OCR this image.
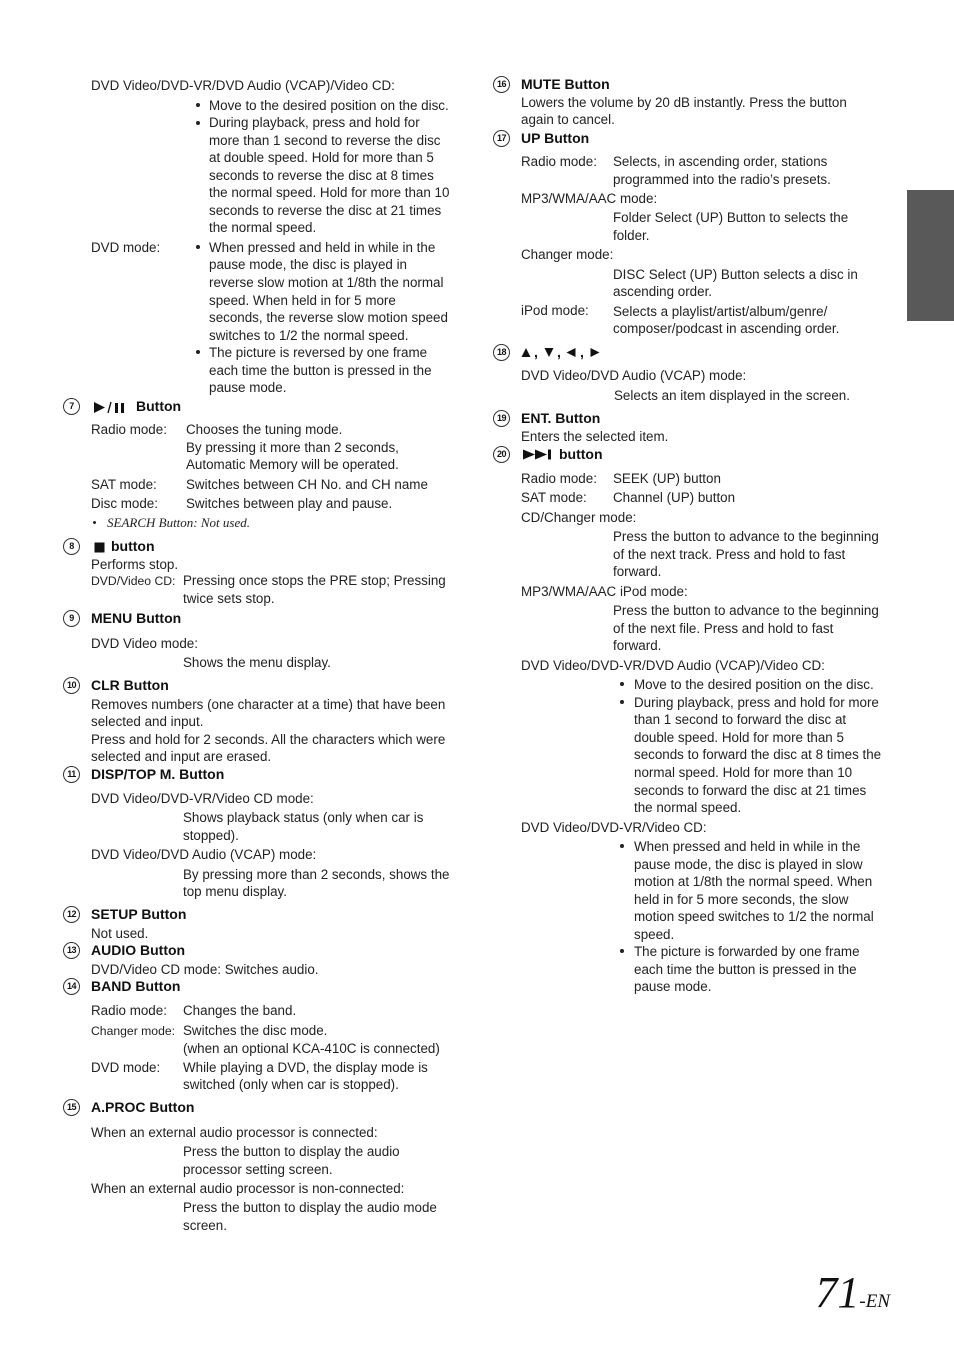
DVD Video/DVD-VR/DVD Audio (VCAP)/Video CD:
Move to the desired position on the disc.
During playback, press and hold for
more than 1 second to reverse the disc
at double speed. Hold for more than 5
seconds to reverse the disc at 8 times
the normal speed. Hold for more than 10
seconds to reverse the disc at 21 times
the normal speed.
DVD mode:	When pressed and held in while in the
pause mode, the disc is played in
reverse slow motion at 1/8th the normal
speed. When held in for 5 more
seconds, the reverse slow motion speed
switches to 1/2 the normal speed.
The picture is reversed by one frame
each time the button is pressed in the
pause mode.
7	Button
Radio mode: Chooses the tuning mode.
By pressing it more than 2 seconds,
Automatic Memory will be operated.
SAT mode: Switches between CH No. and CH name
Disc mode: Switches between play and pause.
SEARCH Button: Not used.
8	button
Performs stop.
DVD/Video CD: Pressing once stops the PRE stop; Pressing
twice sets stop.
9	MENU Button
DVD Video mode:
Shows the menu display.
10 CLR Button
Removes numbers (one character at a time) that have been
selected and input.
Press and hold for 2 seconds. All the characters which were
selected and input are erased.
11	DISP/TOP M. Button
DVD Video/DVD-VR/Video CD mode:
Shows playback status (only when car is
stopped).
DVD Video/DVD Audio (VCAP) mode:
By pressing more than 2 seconds, shows the
top menu display.
12 SETUP Button
Not used.
13 AUDIO Button
DVD/Video CD mode: Switches audio.
14 BAND Button
Radio mode: Changes the band.
Changer mode: Switches the disc mode.
(when an optional KCA-410C is connected)
DVD mode: While playing a DVD, the display mode is
switched (only when car is stopped).
15 A.PROC Button
When an external audio processor is connected:
Press the button to display the audio
processor setting screen.
When an external audio processor is non-connected:
Press the button to display the audio mode
screen.
16 MUTE Button
Lowers the volume by 20 dB instantly. Press the button
again to cancel.
17 UP Button
Radio mode: Selects, in ascending order, stations
programmed into the radio’s presets.
MP3/WMA/AAC mode:
Folder Select (UP) Button to selects the
folder.
Changer mode:
DISC Select (UP) Button selects a disc in
ascending order.
iPod mode: Selects a playlist/artist/album/genre/
composer/podcast in ascending order.
18 , , ,
DVD Video/DVD Audio (VCAP) mode:
Selects an item displayed in the screen.
19 ENT. Button
Enters the selected item.
20	button
Radio mode: SEEK (UP) button
SAT mode: Channel (UP) button
CD/Changer mode:
Press the button to advance to the beginning
of the next track. Press and hold to fast
forward.
MP3/WMA/AAC iPod mode:
Press the button to advance to the beginning
of the next file. Press and hold to fast
forward.
DVD Video/DVD-VR/DVD Audio (VCAP)/Video CD:
Move to the desired position on the disc.
During playback, press and hold for more
than 1 second to forward the disc at
double speed. Hold for more than 5
seconds to forward the disc at 8 times the
normal speed. Hold for more than 10
seconds to forward the disc at 21 times
the normal speed.
DVD Video/DVD-VR/Video CD:
When pressed and held in while in the
pause mode, the disc is played in slow
motion at 1/8th the normal speed. When
held in for 5 more seconds, the slow
motion speed switches to 1/2 the normal
speed.
The picture is forwarded by one frame
each time the button is pressed in the
pause mode.
71-EN
